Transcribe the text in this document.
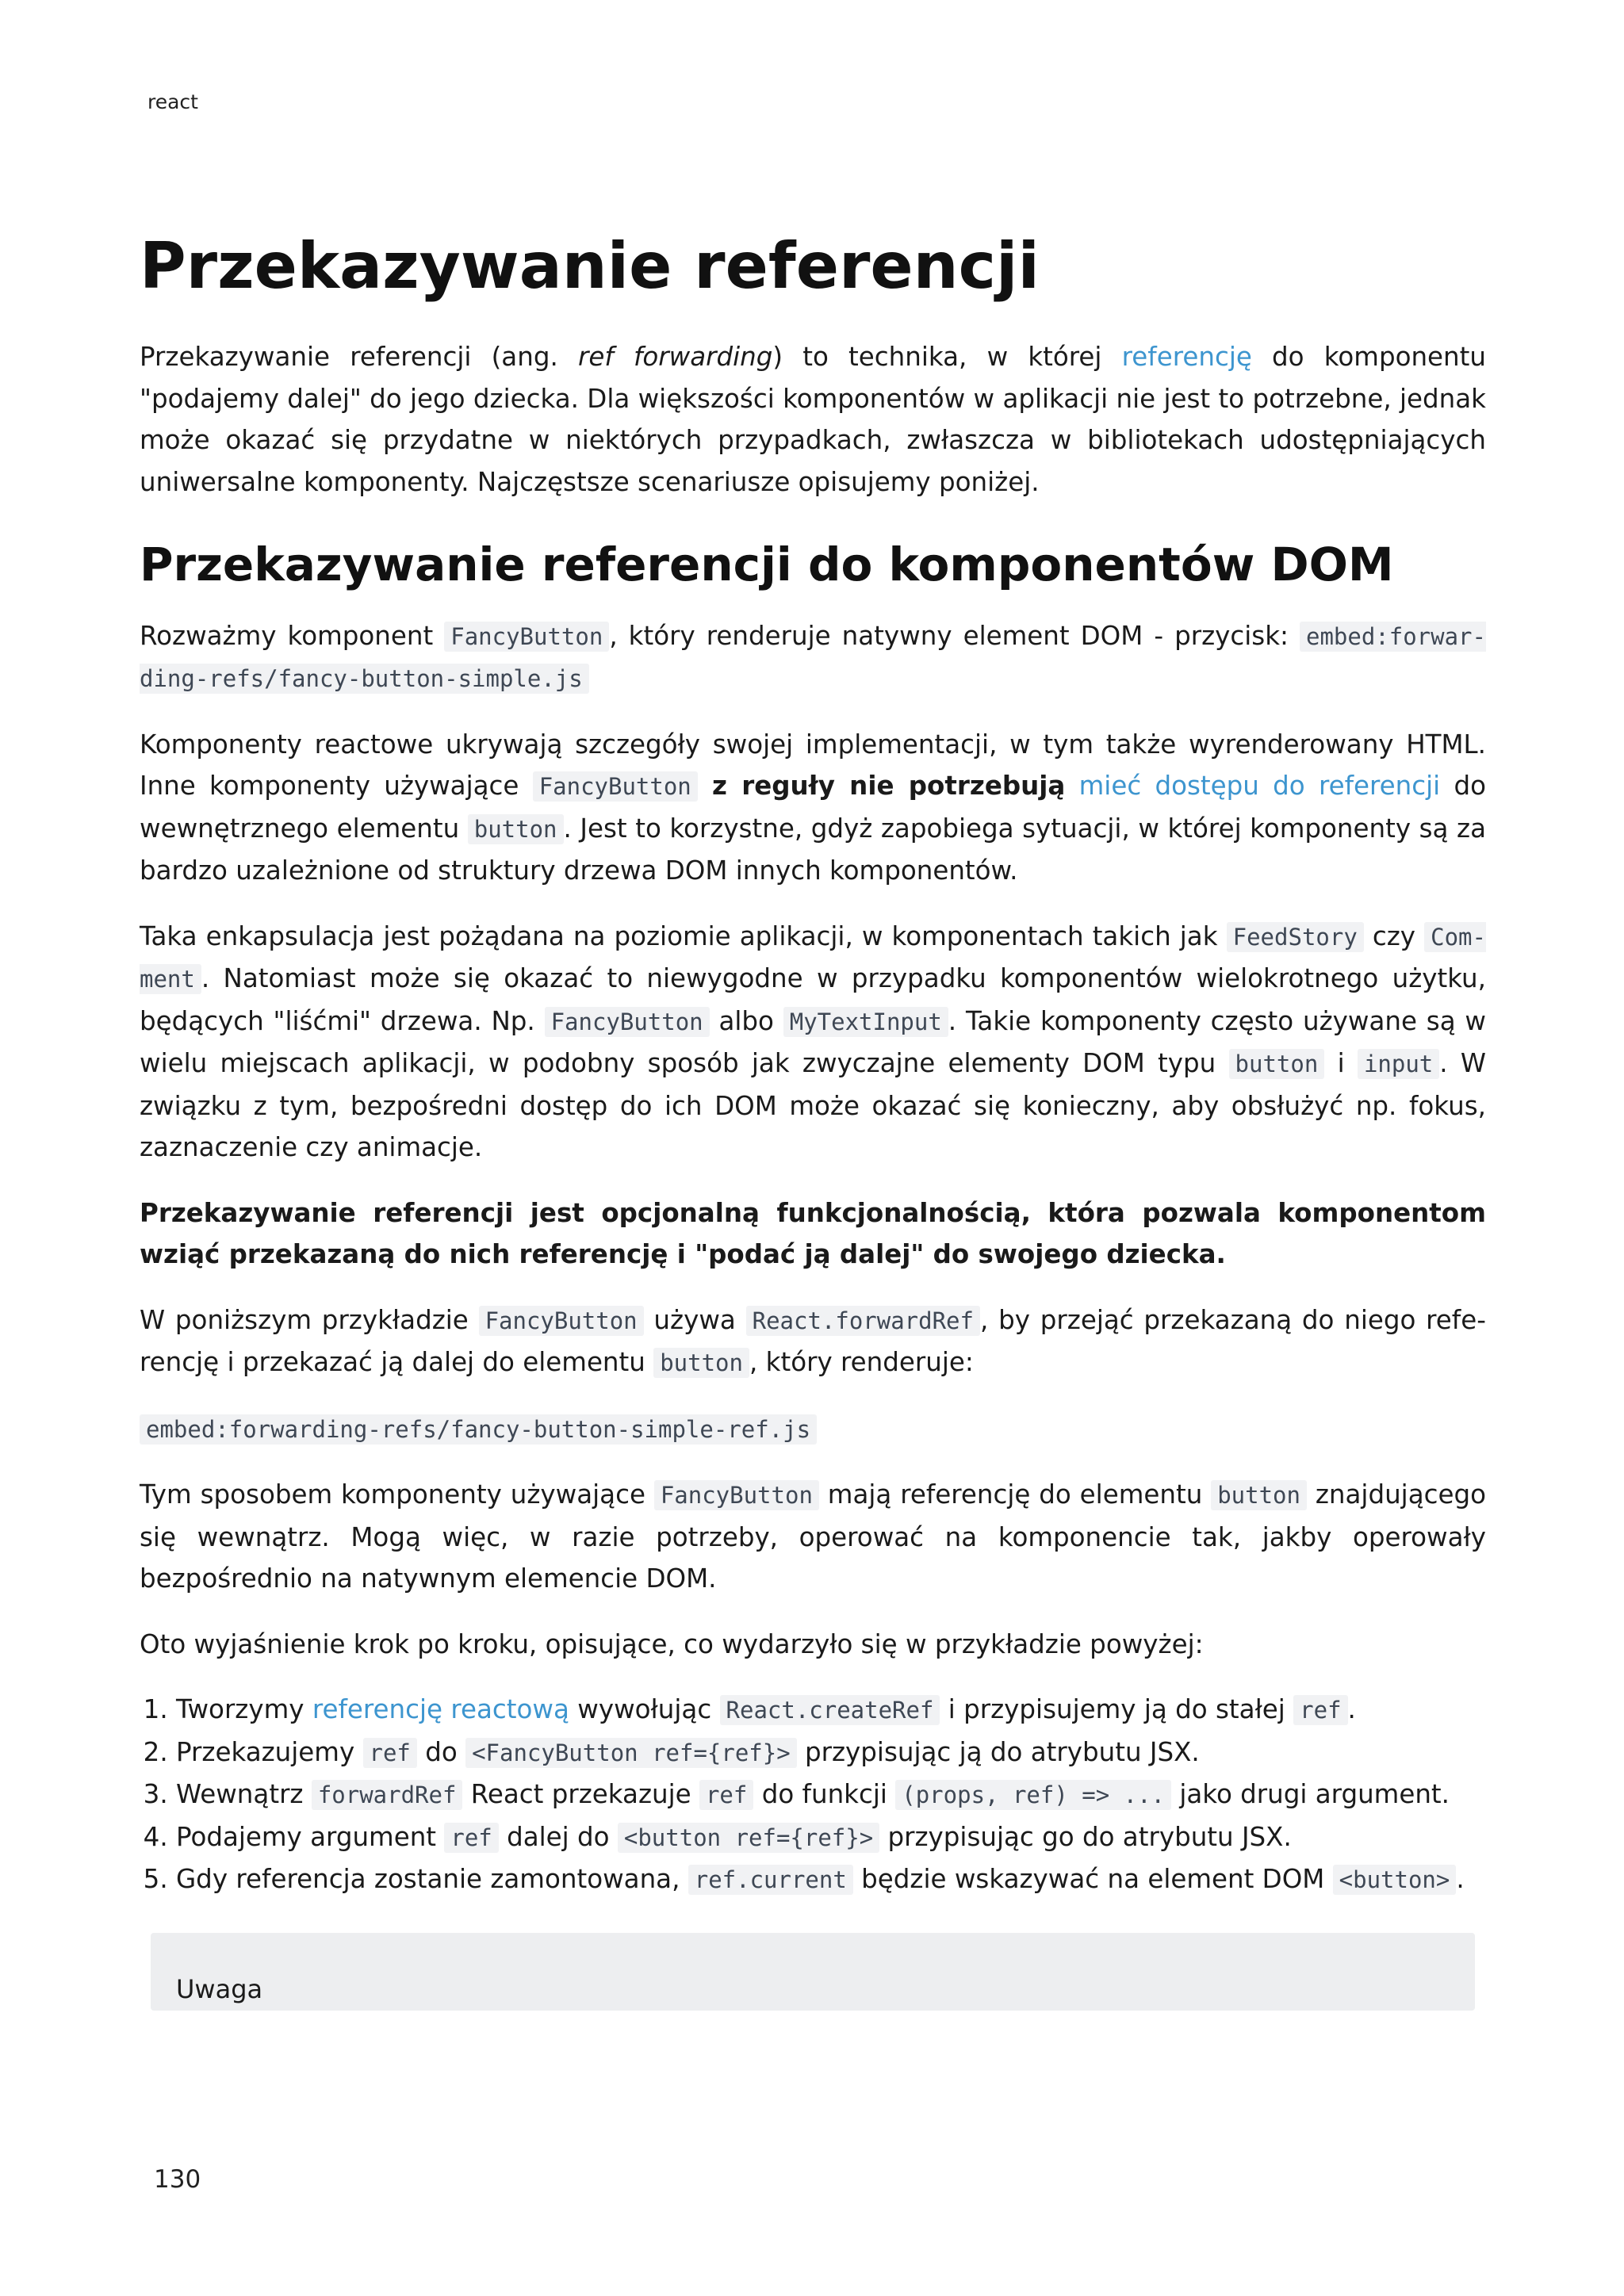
react
Przekazywanie referencji

Przekazywanie referencji (ang. ref forwarding) to technika, w której referencję do komponentu "podajemy dalej" do jego dziecka. Dla większości komponentów w aplikacji nie jest to potrzebne, jednak może okazać się przydatne w niektórych przypadkach, zwłaszcza w bibliotekach udostępniających uniwersalne komponenty. Najczęstsze scenariusze opisujemy poniżej.

Przekazywanie referencji do komponentów DOM

Rozważmy komponent FancyButton , który renderuje natywny element DOM - przycisk: embed:forwarding-refs/fancy-button-simple.js

Komponenty reactowe ukrywają szczegóły swojej implementacji, w tym także wyrenderowany HTML. Inne komponenty używające FancyButton z reguły nie potrzebują mieć dostępu do referencji do wewnętrznego elementu button . Jest to korzystne, gdyż zapobiega sytuacji, w której komponenty są za bardzo uzależnione od struktury drzewa DOM innych komponentów.

Taka enkapsulacja jest pożądana na poziomie aplikacji, w komponentach takich jak FeedStory czy Comment . Natomiast może się okazać to niewygodne w przypadku komponentów wielokrotnego użytku, będących "liśćmi" drzewa. Np. FancyButton albo MyTextInput . Takie komponenty często używane są w wielu miejscach aplikacji, w podobny sposób jak zwyczajne elementy DOM typu button i input . W związku z tym, bezpośredni dostęp do ich DOM może okazać się konieczny, aby obsłużyć np. fokus, zaznaczenie czy animacje.

Przekazywanie referencji jest opcjonalną funkcjonalnością, która pozwala komponentom wziąć przekazaną do nich referencję i "podać ją dalej" do swojego dziecka.

W poniższym przykładzie FancyButton używa React.forwardRef , by przejąć przekazaną do niego referencję i przekazać ją dalej do elementu button , który renderuje:

embed:forwarding-refs/fancy-button-simple-ref.js

Tym sposobem komponenty używające FancyButton mają referencję do elementu button znajdującego się wewnątrz. Mogą więc, w razie potrzeby, operować na komponencie tak, jakby operowały bezpośrednio na natywnym elemencie DOM.

Oto wyjaśnienie krok po kroku, opisujące, co wydarzyło się w przykładzie powyżej:

1. Tworzymy referencję reactową wywołując React.createRef i przypisujemy ją do stałej ref .
2. Przekazujemy ref do <FancyButton ref={ref}> przypisując ją do atrybutu JSX.
3. Wewnątrz forwardRef React przekazuje ref do funkcji (props, ref) => ... jako drugi argument.
4. Podajemy argument ref dalej do <button ref={ref}> przypisując go do atrybutu JSX.
5. Gdy referencja zostanie zamontowana, ref.current będzie wskazywać na element DOM <button> .
Uwaga
130
